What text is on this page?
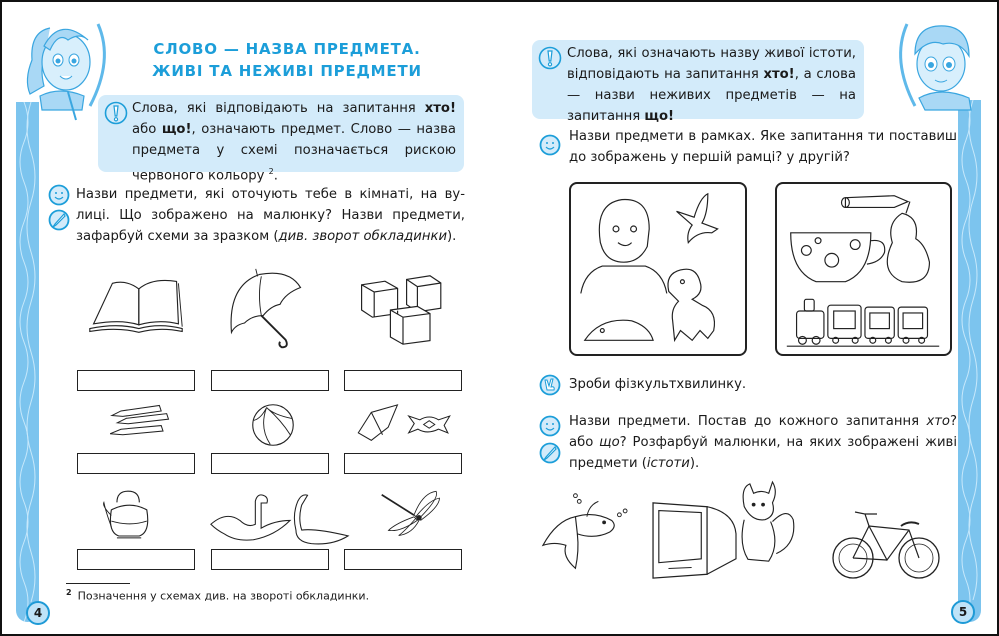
СЛОВО — НАЗВА ПРЕДМЕТА.
ЖИВІ ТА НЕЖИВІ ПРЕДМЕТИ

Слова, які відповідають на запитання хто! або що!, означають предмет. Слово — назва предмета у схемі позначається рискою червоного кольору $^2$.

Назви предмети, які оточують тебе в кімнаті, на вулиці. Що зображено на малюнку? Назви предмети, зафарбуй схеми за зразком (див. зворот обкладинки).

$^2$ Позначення у схемах див. на звороті обкладинки.
4

Слова, які означають назву живої істоти, відповідають на запитання хто!, а слова — назви неживих предметів — на запитання що!

Назви предмети в рамках. Яке запитання ти поставиш до зображень у першій рамці? у другій?

Зроби фізкультхвилинку.

Назви предмети. Постав до кожного запитання хто? або що? Розфарбуй малюнки, на яких зображені живі предмети (істоти).

5
